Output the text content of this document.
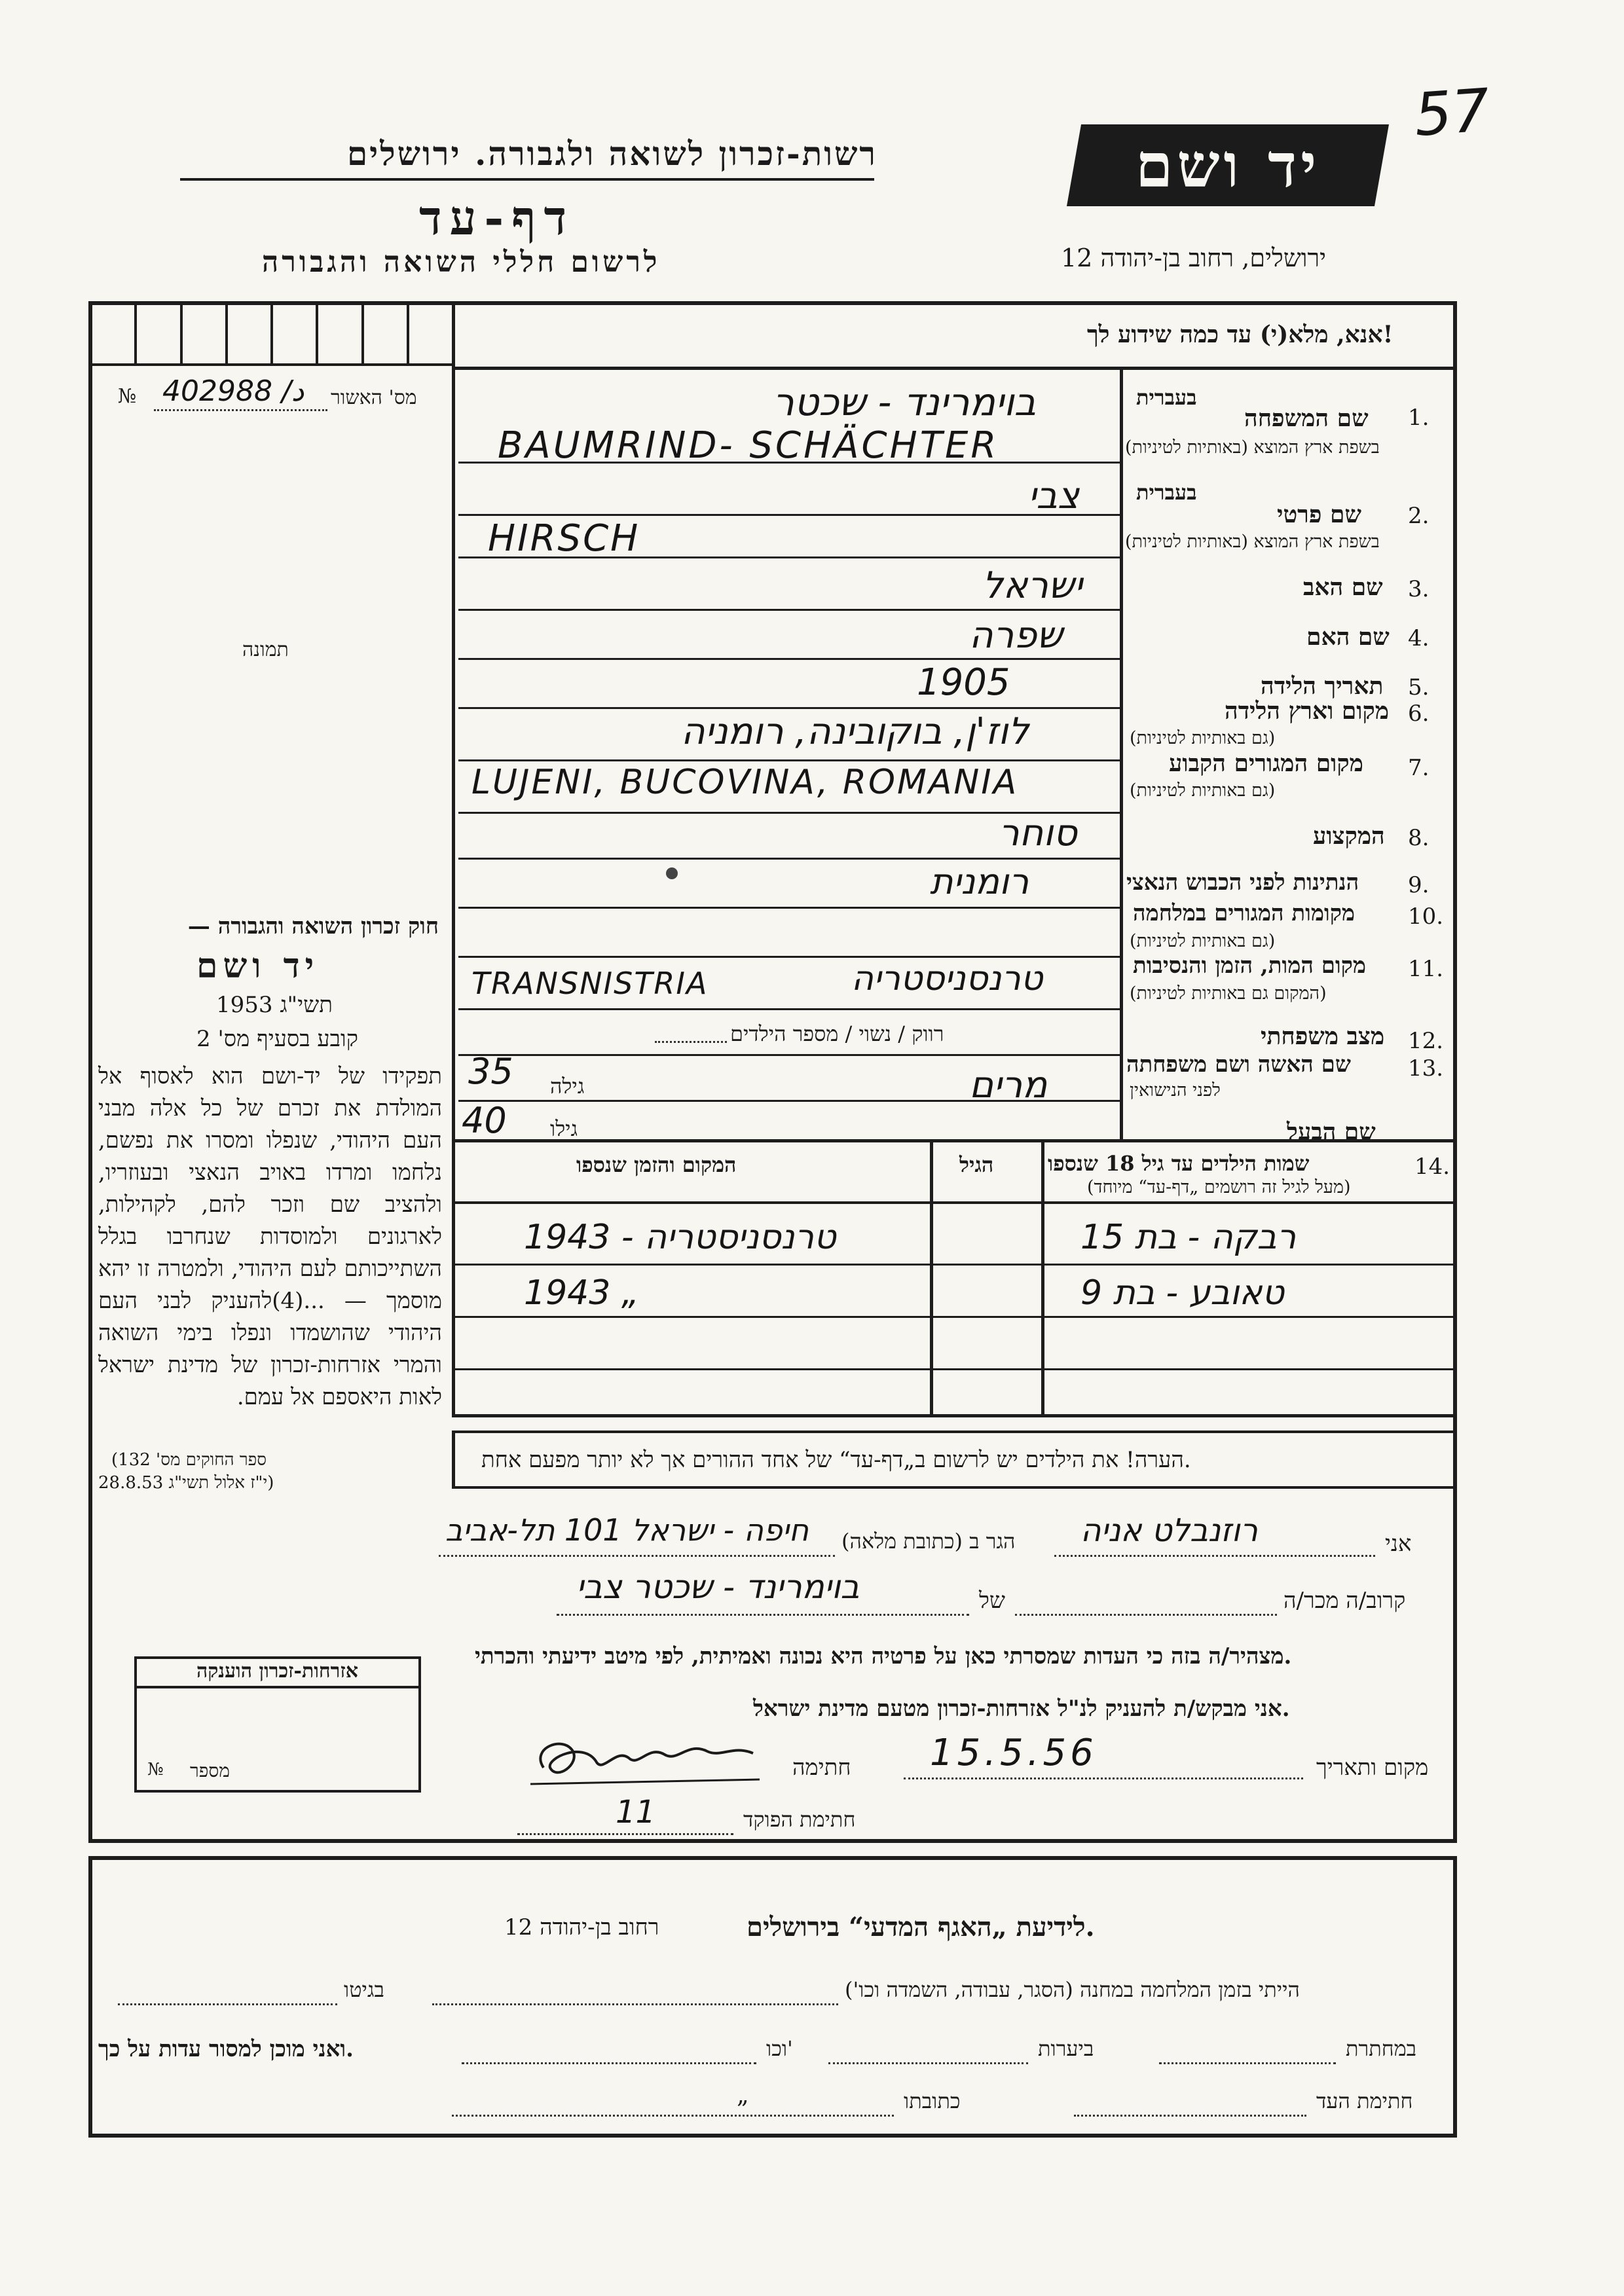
57
יד ושם
רשות-זכרון לשואה ולגבורה. ירושלים
דף-עד
לרשום חללי השואה והגבורה	ירושלים, רחוב בן-יהודה 12
אנא, מלא(י) עד כמה שידוע לך!
№ 402988 /د מס' האשור
תמונה
בעברית
1.
שם המשפחה
בשפת ארץ המוצא (באותיות לטיניות)
בעברית
2.
שם פרטי
בשפת ארץ המוצא (באותיות לטיניות)
3.
שם האב
4.
שם האם
5.
תאריך הלידה
6.
מקום וארץ הלידה
(גם באותיות לטיניות)
7.
מקום המגורים הקבוע
(גם באותיות לטיניות)
8.
המקצוע
9.
הנתינות לפני הכבוש הנאצי
10.
מקומות המגורים במלחמה
(גם באותיות לטיניות)
11.
מקום המות, הזמן והנסיבות
(המקום גם באותיות לטיניות)
12.
מצב משפחתי
13.
שם האשה ושם משפחתה
לפני הנישואין
שם הבעל
בוימרינד - שכטר
BAUMRIND- SCHÄCHTER
צבי
HIRSCH
ישראל
שפרה
1905
לוז'ן, בוקובינה, רומניה
LUJENI, BUCOVINA, ROMANIA
סוחר
רומנית
טרנסניסטריה
TRANSNISTRIA
רווק / נשוי / מספר הילדים
מרים
גילה
35
גילו
40
14.
שמות הילדים עד גיל 18 שנספו
(מעל לגיל זה רושמים „דף-עד“ מיוחד)
הגיל
המקום והזמן שנספו
רבקה - בת 15
טרנסניסטריה - 1943
טאובע - בת 9
1943 „
הערה! את הילדים יש לרשום ב„דף-עד“ של אחד ההורים אך לא יותר מפעם אחת.
חוק זכרון השואה והגבורה —
יד ושם
תשי"ג 1953
קובע בסעיף מס' 2
תפקידו של יד-ושם הוא לאסוף אל המולדת את זכרם של כל אלה מבני העם היהודי, שנפלו ומסרו את נפשם, נלחמו ומרדו באויב הנאצי ובעוזריו, ולהציב שם וזכר להם, לקהילות, לארגונים ולמוסדות שנחרבו בגלל השתייכותם לעם היהודי, ולמטרה זו יהא מוסמך — ...(4)להעניק לבני העם היהודי שהושמדו ונפלו בימי השואה והמרי אזרחות-זכרון של מדינת ישראל לאות היאספם אל עמם.
(ספר החוקים מס' 132
י"ז אלול תשי"ג 28.8.53)
אזרחות-זכרון הוענקה
№ מספר
אני
רוזנבלט אניה
הגר ב (כתובת מלאה)
חיפה - ישראל 101 תל-אביב
קרוב/ה מכר/ה
של
בוימרינד - שכטר צבי
מצהיר/ה בזה כי העדות שמסרתי כאן על פרטיה היא נכונה ואמיתית, לפי מיטב ידיעתי והכרתי.
אני מבקש/ת להעניק לנ"ל אזרחות-זכרון מטעם מדינת ישראל.
מקום ותאריך
15.5.56
חתימה
חתימת הפוקד
11
לידיעת „האגף המדעי“ בירושלים.
רחוב בן-יהודה 12
הייתי בזמן המלחמה במחנה (הסגר, עבודה, השמדה וכו')
בגיטו
במחתרת
ביערות
וכו'
ואני מוכן למסור עדות על כך.
חתימת העד
כתובתו
„
